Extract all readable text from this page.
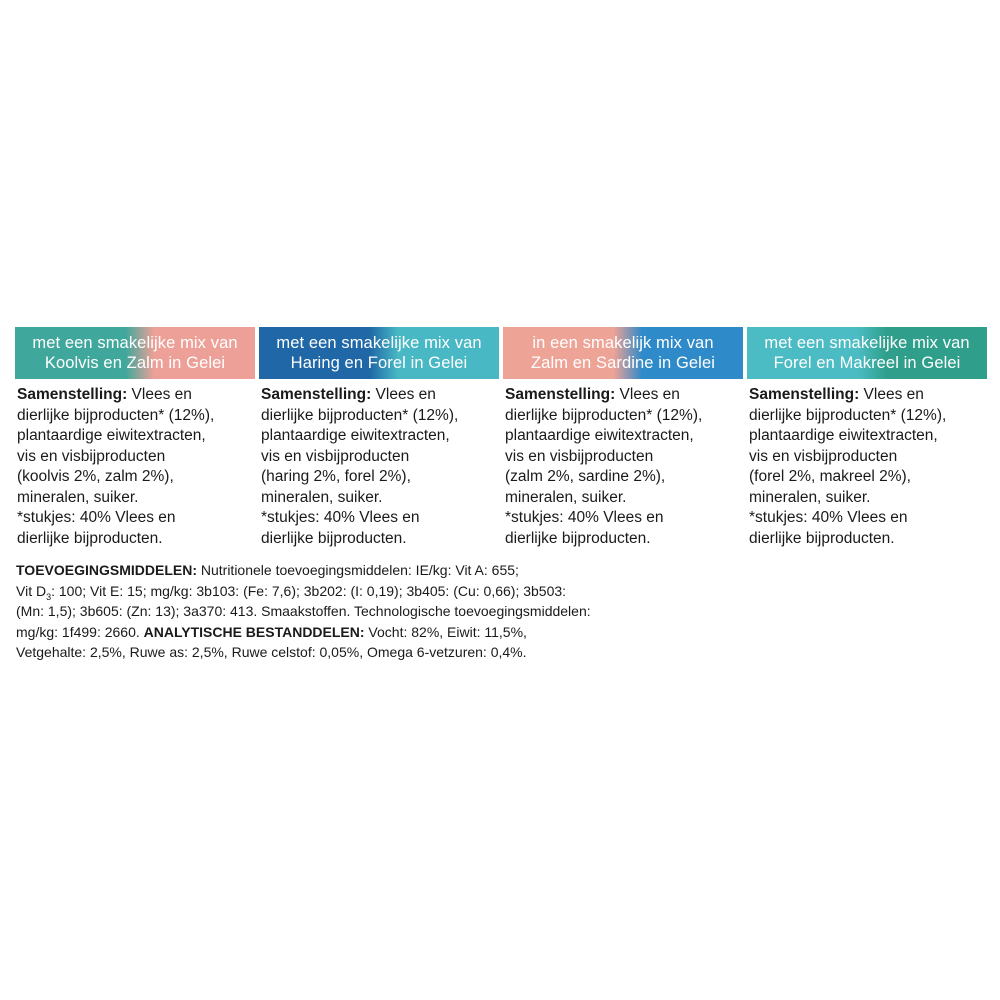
met een smakelijke mix van
Koolvis en Zalm in Gelei
Samenstelling: Vlees en
dierlijke bijproducten* (12%),
plantaardige eiwitextracten,
vis en visbijproducten
(koolvis 2%, zalm 2%),
mineralen, suiker.
*stukjes: 40% Vlees en
dierlijke bijproducten.
met een smakelijke mix van
Haring en Forel in Gelei
Samenstelling: Vlees en
dierlijke bijproducten* (12%),
plantaardige eiwitextracten,
vis en visbijproducten
(haring 2%, forel 2%),
mineralen, suiker.
*stukjes: 40% Vlees en
dierlijke bijproducten.
in een smakelijk mix van
Zalm en Sardine in Gelei
Samenstelling: Vlees en
dierlijke bijproducten* (12%),
plantaardige eiwitextracten,
vis en visbijproducten
(zalm 2%, sardine 2%),
mineralen, suiker.
*stukjes: 40% Vlees en
dierlijke bijproducten.
met een smakelijke mix van
Forel en Makreel in Gelei
Samenstelling: Vlees en
dierlijke bijproducten* (12%),
plantaardige eiwitextracten,
vis en visbijproducten
(forel 2%, makreel 2%),
mineralen, suiker.
*stukjes: 40% Vlees en
dierlijke bijproducten.
TOEVOEGINGSMIDDELEN: Nutritionele toevoegingsmiddelen: IE/kg: Vit A: 655;
Vit $D_3$: 100; Vit E: 15; mg/kg: 3b103: (Fe: 7,6); 3b202: (I: 0,19); 3b405: (Cu: 0,66); 3b503:
(Mn: 1,5); 3b605: (Zn: 13); 3a370: 413. Smaakstoffen. Technologische toevoegingsmiddelen:
mg/kg: 1f499: 2660. ANALYTISCHE BESTANDDELEN: Vocht: 82%, Eiwit: 11,5%,
Vetgehalte: 2,5%, Ruwe as: 2,5%, Ruwe celstof: 0,05%, Omega 6-vetzuren: 0,4%.
